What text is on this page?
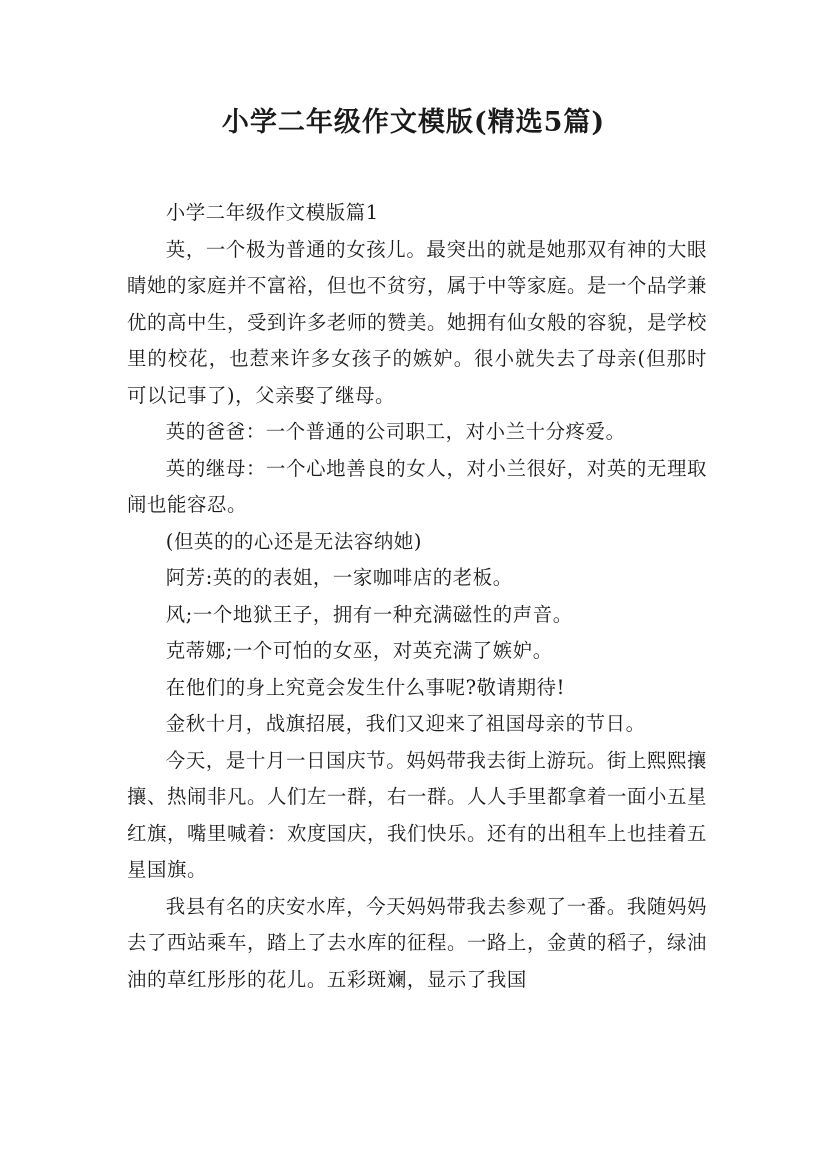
小学二年级作文模版(精选5篇)

小学二年级作文模版篇1

英，一个极为普通的女孩儿。最突出的就是她那双有神的大眼睛她的家庭并不富裕，但也不贫穷，属于中等家庭。是一个品学兼优的高中生，受到许多老师的赞美。她拥有仙女般的容貌，是学校里的校花，也惹来许多女孩子的嫉妒。很小就失去了母亲(但那时可以记事了)，父亲娶了继母。

英的爸爸：一个普通的公司职工，对小兰十分疼爱。

英的继母：一个心地善良的女人，对小兰很好，对英的无理取闹也能容忍。

(但英的的心还是无法容纳她)

阿芳:英的的表姐，一家咖啡店的老板。

风;一个地狱王子，拥有一种充满磁性的声音。

克蒂娜;一个可怕的女巫，对英充满了嫉妒。

在他们的身上究竟会发生什么事呢?敬请期待!

金秋十月，战旗招展，我们又迎来了祖国母亲的节日。

今天，是十月一日国庆节。妈妈带我去街上游玩。街上熙熙攘攘、热闹非凡。人们左一群，右一群。人人手里都拿着一面小五星红旗，嘴里喊着：欢度国庆，我们快乐。还有的出租车上也挂着五星国旗。

我县有名的庆安水库，今天妈妈带我去参观了一番。我随妈妈去了西站乘车，踏上了去水库的征程。一路上，金黄的稻子，绿油油的草红彤彤的花儿。五彩斑斓，显示了我国
